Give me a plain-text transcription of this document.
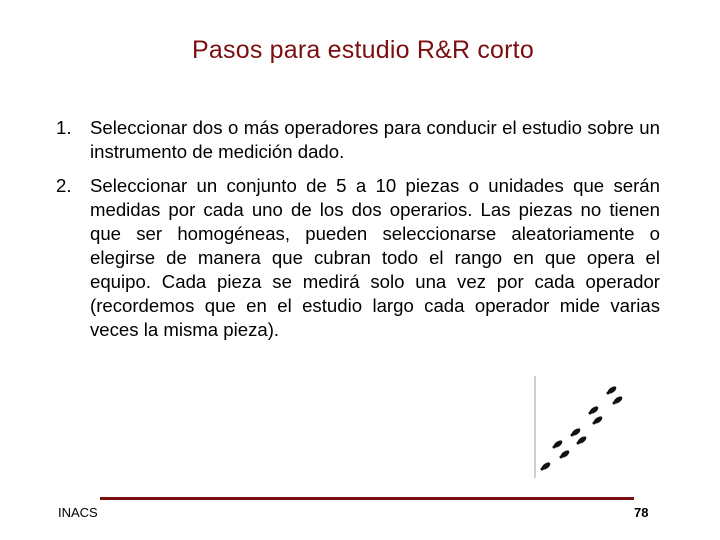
Pasos para estudio R&R corto
1. Seleccionar dos o más operadores para conducir el estudio sobre un instrumento de medición dado.
2. Seleccionar un conjunto de 5 a 10 piezas o unidades que serán medidas por cada uno de los dos operarios. Las piezas no tienen que ser homogéneas, pueden seleccionarse aleatoriamente o elegirse de manera que cubran todo el rango en que opera el equipo. Cada pieza se medirá solo una vez por cada operador (recordemos que en el estudio largo cada operador mide varias veces la misma pieza).
INACS	78
